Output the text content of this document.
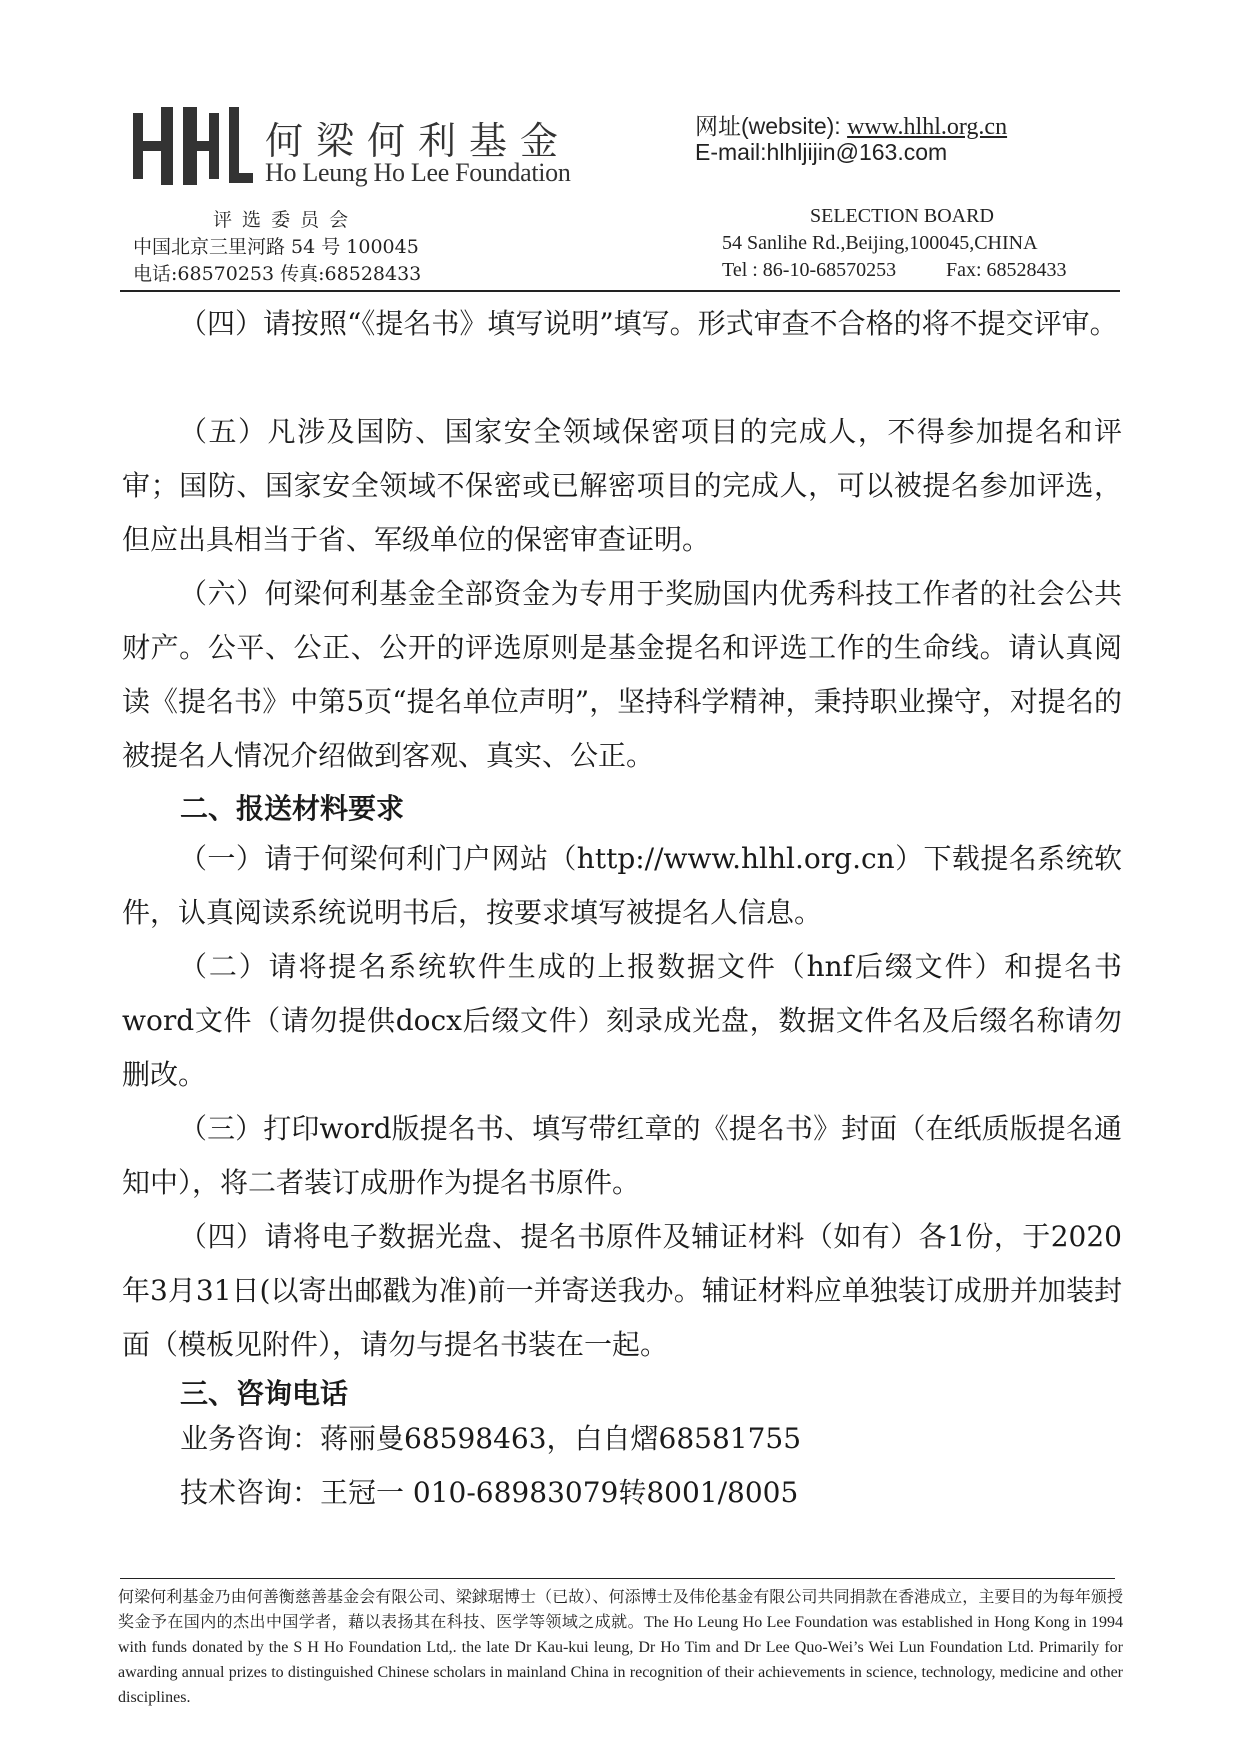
何梁何利基金
Ho Leung Ho Lee Foundation
网址(website): www.hlhl.org.cn
E-mail:hlhljijin@163.com
评 选 委 员 会
中国北京三里河路 54 号 100045
电话:68570253 传真:68528433
SELECTION BOARD
54 Sanlihe Rd.,Beijing,100045,CHINA
Tel : 86-10-68570253 Fax: 68528433

（四）请按照“《提名书》填写说明”填写。形式审查不合格的将不提交评审。

（五）凡涉及国防、国家安全领域保密项目的完成人，不得参加提名和评审；国防、国家安全领域不保密或已解密项目的完成人，可以被提名参加评选，但应出具相当于省、军级单位的保密审查证明。

（六）何梁何利基金全部资金为专用于奖励国内优秀科技工作者的社会公共财产。公平、公正、公开的评选原则是基金提名和评选工作的生命线。请认真阅读《提名书》中第5页“提名单位声明”，坚持科学精神，秉持职业操守，对提名的被提名人情况介绍做到客观、真实、公正。

二、报送材料要求

（一）请于何梁何利门户网站（http://www.hlhl.org.cn）下载提名系统软件，认真阅读系统说明书后，按要求填写被提名人信息。

（二）请将提名系统软件生成的上报数据文件（hnf后缀文件）和提名书word文件（请勿提供docx后缀文件）刻录成光盘，数据文件名及后缀名称请勿删改。

（三）打印word版提名书、填写带红章的《提名书》封面（在纸质版提名通知中），将二者装订成册作为提名书原件。

（四）请将电子数据光盘、提名书原件及辅证材料（如有）各1份，于2020年3月31日(以寄出邮戳为准)前一并寄送我办。辅证材料应单独装订成册并加装封面（模板见附件），请勿与提名书装在一起。

三、咨询电话

业务咨询：蒋丽曼68598463，白自熠68581755

技术咨询：王冠一 010-68983079转8001/8005

何梁何利基金乃由何善衡慈善基金会有限公司、梁銶琚博士（已故）、何添博士及伟伦基金有限公司共同捐款在香港成立，主要目的为每年颁授奖金予在国内的杰出中国学者，藉以表扬其在科技、医学等领域之成就。The Ho Leung Ho Lee Foundation was established in Hong Kong in 1994 with funds donated by the S H Ho Foundation Ltd,. the late Dr Kau-kui leung, Dr Ho Tim and Dr Lee Quo-Wei’s Wei Lun Foundation Ltd. Primarily for awarding annual prizes to distinguished Chinese scholars in mainland China in recognition of their achievements in science, technology, medicine and other disciplines.
